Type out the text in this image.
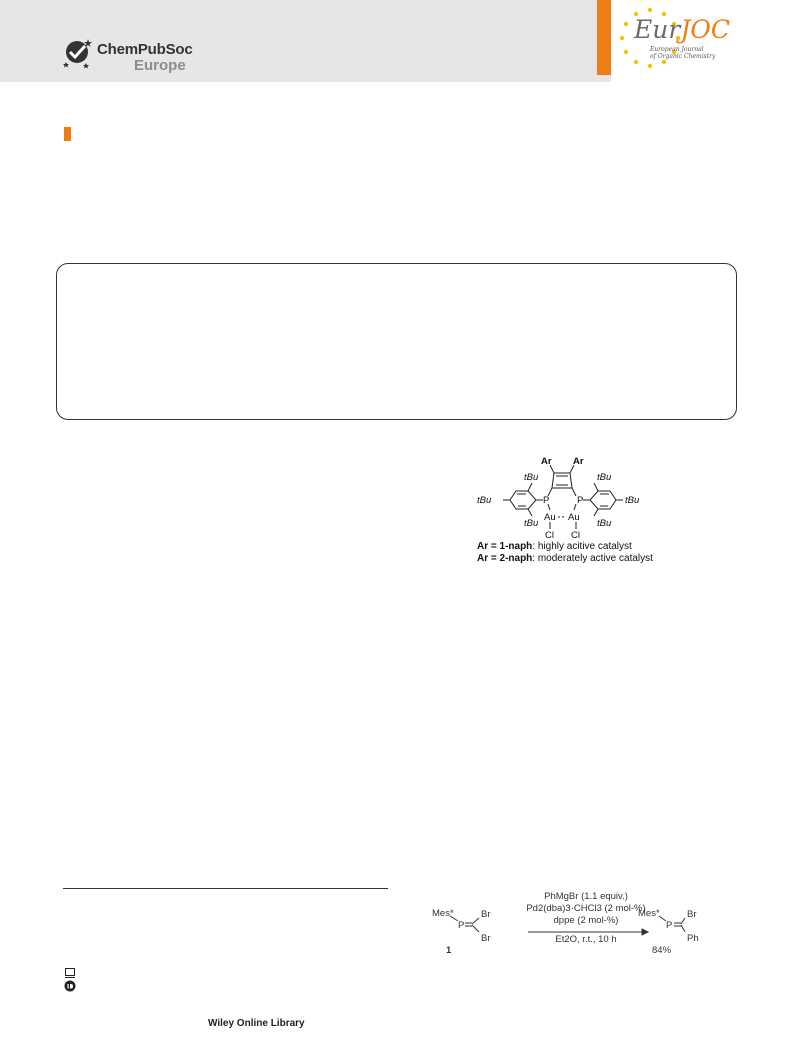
ChemPubSoc
Europe
EurJOC
European Journal
of Organic Chemistry
Ar Ar
P	P
Au Au
Cl Cl
tBu
tBu
tBu
tBu
tBu
tBu
Ar = 1-naph: highly acitive catalyst
Ar = 2-naph: moderately active catalyst
Wiley Online Library
Mes*
P
Br
Br
1
PhMgBr (1.1 equiv.)
Pd2(dba)3·CHCl3 (2 mol-%)
dppe (2 mol-%)
Et2O, r.t., 10 h
Mes*
P
Br
Ph
84%
